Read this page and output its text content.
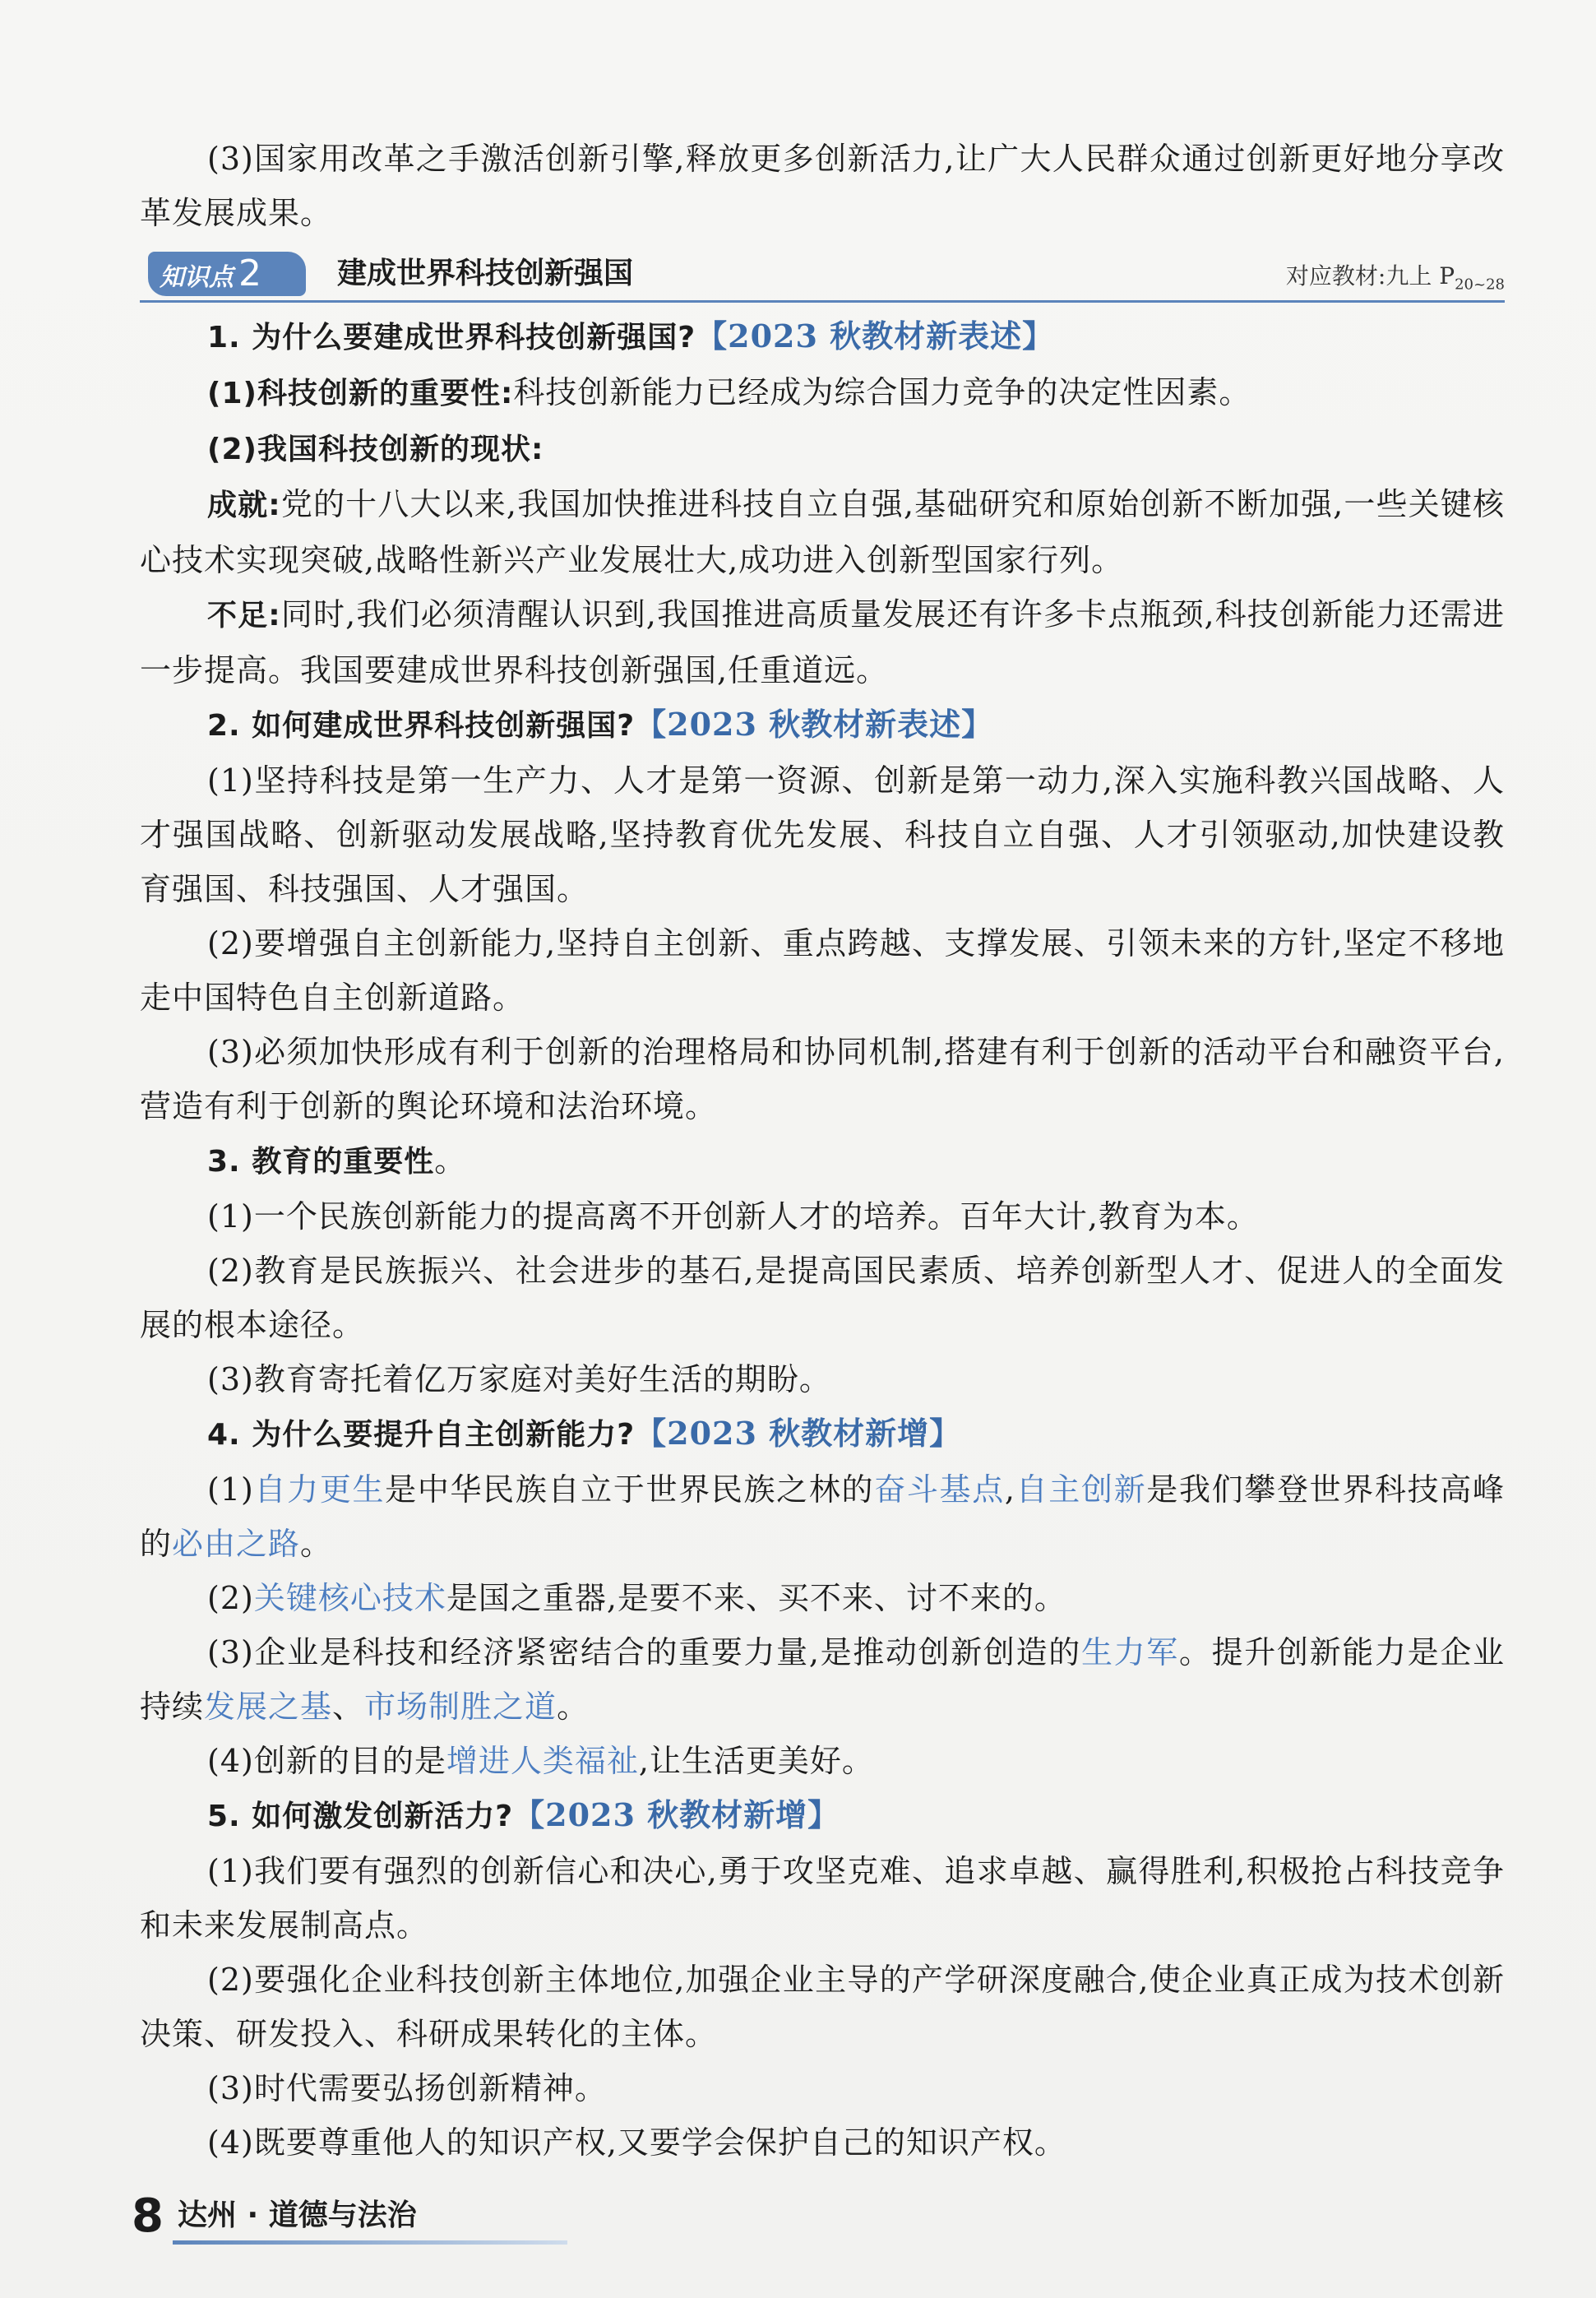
(3)国家用改革之手激活创新引擎,释放更多创新活力,让广大人民群众通过创新更好地分享改革发展成果。

知识点 2	建成世界科技创新强国	对应教材:九上 $P_{20\sim 28}$

1. 为什么要建成世界科技创新强国?【2023 秋教材新表述】

(1)科技创新的重要性:科技创新能力已经成为综合国力竞争的决定性因素。

(2)我国科技创新的现状:

成就:党的十八大以来,我国加快推进科技自立自强,基础研究和原始创新不断加强,一些关键核心技术实现突破,战略性新兴产业发展壮大,成功进入创新型国家行列。

不足:同时,我们必须清醒认识到,我国推进高质量发展还有许多卡点瓶颈,科技创新能力还需进一步提高。我国要建成世界科技创新强国,任重道远。

2. 如何建成世界科技创新强国?【2023 秋教材新表述】

(1)坚持科技是第一生产力、人才是第一资源、创新是第一动力,深入实施科教兴国战略、人才强国战略、创新驱动发展战略,坚持教育优先发展、科技自立自强、人才引领驱动,加快建设教育强国、科技强国、人才强国。

(2)要增强自主创新能力,坚持自主创新、重点跨越、支撑发展、引领未来的方针,坚定不移地走中国特色自主创新道路。

(3)必须加快形成有利于创新的治理格局和协同机制,搭建有利于创新的活动平台和融资平台,营造有利于创新的舆论环境和法治环境。

3. 教育的重要性。

(1)一个民族创新能力的提高离不开创新人才的培养。百年大计,教育为本。

(2)教育是民族振兴、社会进步的基石,是提高国民素质、培养创新型人才、促进人的全面发展的根本途径。

(3)教育寄托着亿万家庭对美好生活的期盼。

4. 为什么要提升自主创新能力?【2023 秋教材新增】

(1)自力更生是中华民族自立于世界民族之林的奋斗基点,自主创新是我们攀登世界科技高峰的必由之路。

(2)关键核心技术是国之重器,是要不来、买不来、讨不来的。

(3)企业是科技和经济紧密结合的重要力量,是推动创新创造的生力军。提升创新能力是企业持续发展之基、市场制胜之道。

(4)创新的目的是增进人类福祉,让生活更美好。

5. 如何激发创新活力?【2023 秋教材新增】

(1)我们要有强烈的创新信心和决心,勇于攻坚克难、追求卓越、赢得胜利,积极抢占科技竞争和未来发展制高点。

(2)要强化企业科技创新主体地位,加强企业主导的产学研深度融合,使企业真正成为技术创新决策、研发投入、科研成果转化的主体。

(3)时代需要弘扬创新精神。

(4)既要尊重他人的知识产权,又要学会保护自己的知识产权。

8 达州 · 道德与法治
